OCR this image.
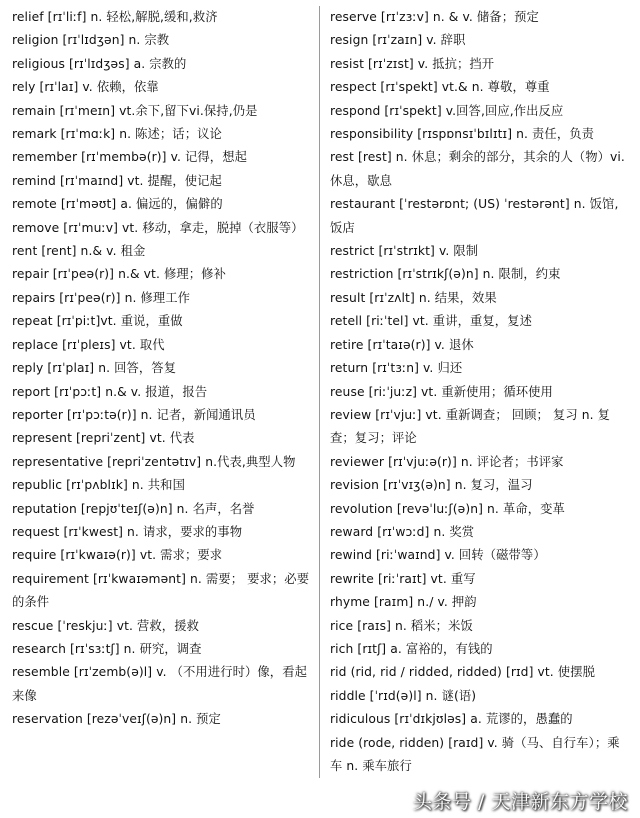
relief [rɪˈliːf] n. 轻松,解脱,缓和,救济
religion [rɪˈlɪdʒən] n. 宗教
religious [rɪˈlɪdʒəs] a. 宗教的
rely [rɪˈlaɪ] v. 依赖，依靠
remain [rɪˈmeɪn] vt.余下,留下vi.保持,仍是
remark [rɪˈmɑːk] n. 陈述；话；议论
remember [rɪˈmembə(r)] v. 记得，想起
remind [rɪˈmaɪnd] vt. 提醒，使记起
remote [rɪˈməʊt] a. 偏远的，偏僻的
remove [rɪˈmuːv] vt. 移动，拿走，脱掉（衣服等）
rent [rent] n.& v. 租金
repair [rɪˈpeə(r)] n.& vt. 修理；修补
repairs [rɪˈpeə(r)] n. 修理工作
repeat [rɪˈpiːt]vt. 重说，重做
replace [rɪˈpleɪs] vt. 取代
reply [rɪˈplaɪ] n. 回答，答复
report [rɪˈpɔːt] n.& v. 报道，报告
reporter [rɪˈpɔːtə(r)] n. 记者，新闻通讯员
represent [repriˈzent] vt. 代表
representative [repriˈzentətɪv] n.代表,典型人物
republic [rɪˈpʌblɪk] n. 共和国
reputation [repjʊˈteɪʃ(ə)n] n. 名声，名誉
request [rɪˈkwest] n. 请求，要求的事物
require [rɪˈkwaɪə(r)] vt. 需求；要求
requirement [rɪˈkwaɪəmənt] n. 需要； 要求；必要的条件
rescue [ˈreskjuː] vt. 营救，援救
research [rɪˈsɜːtʃ] n. 研究，调查
resemble [rɪˈzemb(ə)l] v. （不用进行时）像，看起来像
reservation [rezəˈveɪʃ(ə)n] n. 预定
reserve [rɪˈzɜːv] n. & v. 储备；预定
resign [rɪˈzaɪn] v. 辞职
resist [rɪˈzɪst] v. 抵抗；挡开
respect [rɪˈspekt] vt.& n. 尊敬，尊重
respond [rɪˈspekt] v.回答,回应,作出反应
responsibility [rɪspɒnsɪˈbɪlɪtɪ] n. 责任，负责
rest [rest] n. 休息；剩余的部分，其余的人（物）vi. 休息，歇息
restaurant [ˈrestərɒnt; (US) ˈrestərənt] n. 饭馆, 饭店
restrict [rɪˈstrɪkt] v. 限制
restriction [rɪˈstrɪkʃ(ə)n] n. 限制，约束
result [rɪˈzʌlt] n. 结果，效果
retell [riːˈtel] vt. 重讲，重复，复述
retire [rɪˈtaɪə(r)] v. 退休
return [rɪˈtɜːn] v. 归还
reuse [riːˈjuːz] vt. 重新使用；循环使用
review [rɪˈvjuː] vt. 重新调查； 回顾； 复习 n. 复查；复习；评论
reviewer [rɪˈvjuːə(r)] n. 评论者；书评家
revision [rɪˈvɪʒ(ə)n] n. 复习，温习
revolution [revəˈluːʃ(ə)n] n. 革命，变革
reward [rɪˈwɔːd] n. 奖赏
rewind [riːˈwaɪnd] v. 回转（磁带等）
rewrite [riːˈraɪt] vt. 重写
rhyme [raɪm] n./ v. 押韵
rice [raɪs] n. 稻米；米饭
rich [rɪtʃ] a. 富裕的，有钱的
rid (rid, rid / ridded, ridded) [rɪd] vt. 使摆脱
riddle [ˈrɪd(ə)l] n. 谜(语)
ridiculous [rɪˈdɪkjʊləs] a. 荒谬的，愚蠢的
ride (rode, ridden) [raɪd] v. 骑（马、自行车）；乘车 n. 乘车旅行
头条号 / 天津新东方学校
